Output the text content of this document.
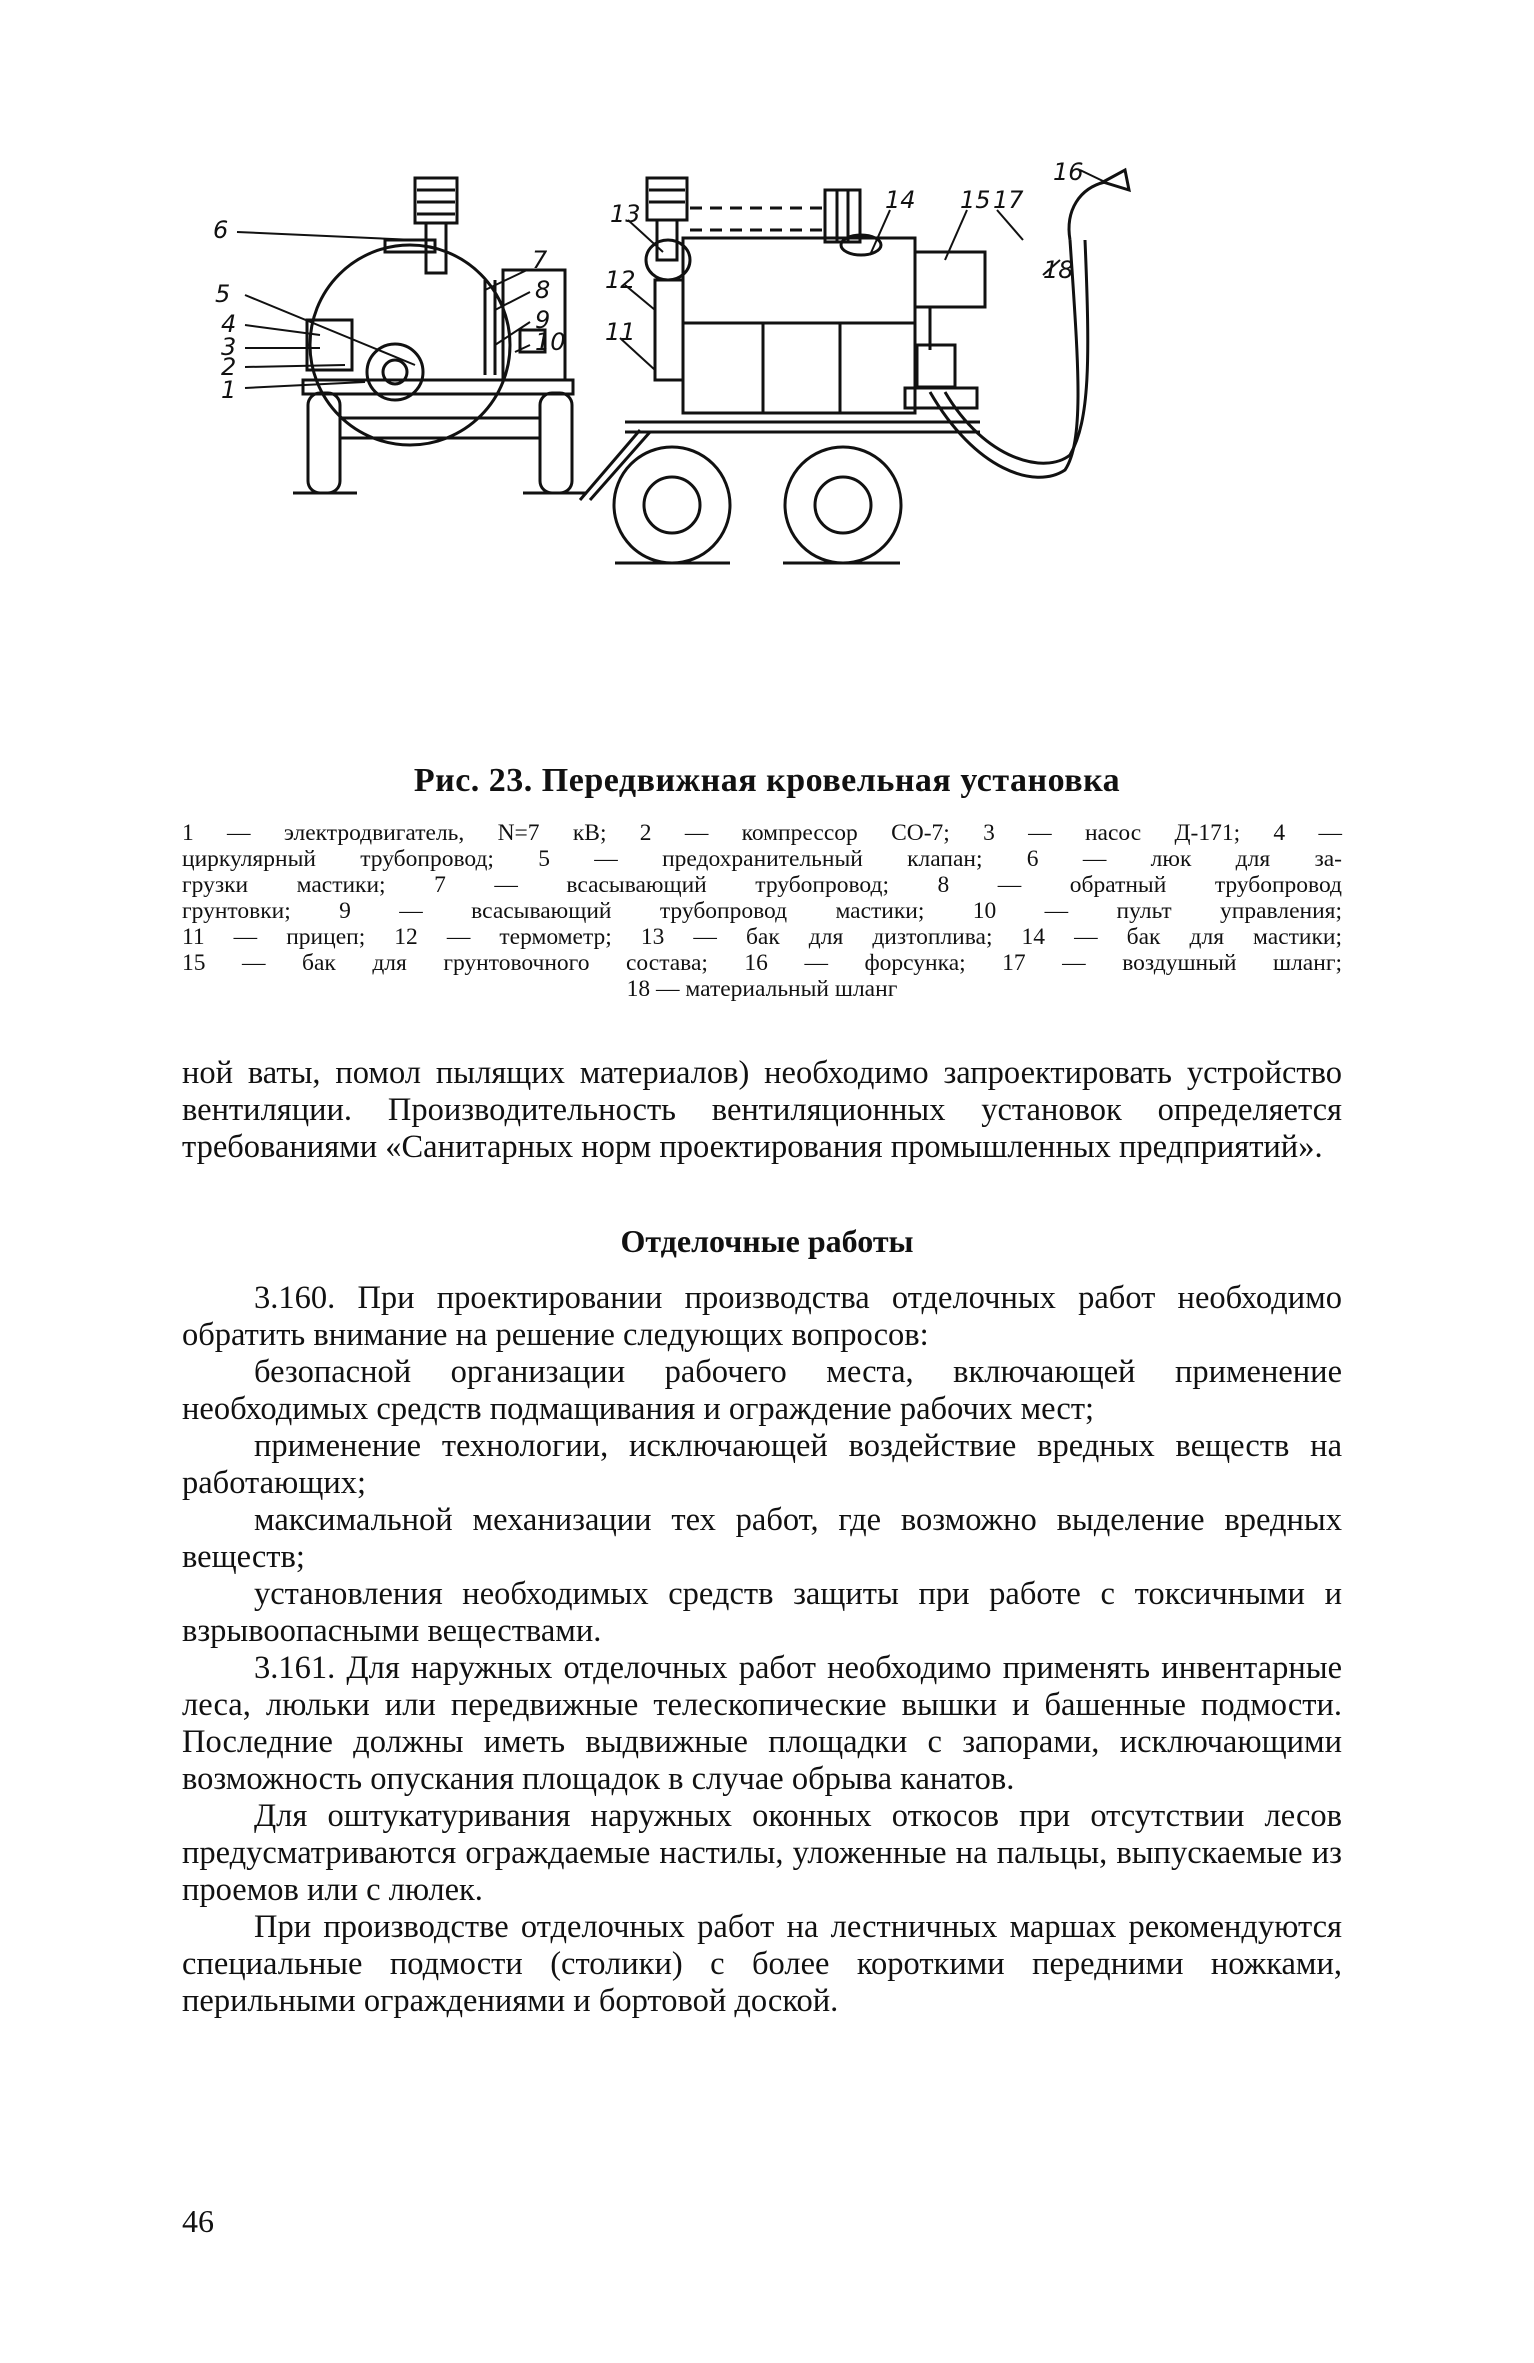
6
5
4
3
2
1
7
8
9
10 11
12
13	14 15 17
18
16
Рис. 23. Передвижная кровельная установка
1 — электродвигатель, N=7 кВ; 2 — компрессор СО-7; 3 — насос Д-171; 4 —
циркулярный трубопровод; 5 — предохранительный клапан; 6 — люк для за-
грузки мастики; 7 — всасывающий трубопровод; 8 — обратный трубопровод
грунтовки; 9 — всасывающий трубопровод мастики; 10 — пульт управления;
11 — прицеп; 12 — термометр; 13 — бак для дизтоплива; 14 — бак для мастики;
15 — бак для грунтовочного состава; 16 — форсунка; 17 — воздушный шланг;
18 — материальный шланг

ной ваты, помол пылящих материалов) необходимо запроектировать устройство вентиляции. Производительность вентиляционных установок определяется требованиями «Санитарных норм проектирования промышленных предприятий».

Отделочные работы

3.160. При проектировании производства отделочных работ необходимо обратить внимание на решение следующих вопросов:

безопасной организации рабочего места, включающей применение необходимых средств подмащивания и ограждение рабочих мест;

применение технологии, исключающей воздействие вредных веществ на работающих;

максимальной механизации тех работ, где возможно выделение вредных веществ;

установления необходимых средств защиты при работе с токсичными и взрывоопасными веществами.

3.161. Для наружных отделочных работ необходимо применять инвентарные леса, люльки или передвижные телескопические вышки и башенные подмости. Последние должны иметь выдвижные площадки с запорами, исключающими возможность опускания площадок в случае обрыва канатов.

Для оштукатуривания наружных оконных откосов при отсутствии лесов предусматриваются ограждаемые настилы, уложенные на пальцы, выпускаемые из проемов или с люлек.

При производстве отделочных работ на лестничных маршах рекомендуются специальные подмости (столики) с более короткими передними ножками, перильными ограждениями и бортовой доской.

46
